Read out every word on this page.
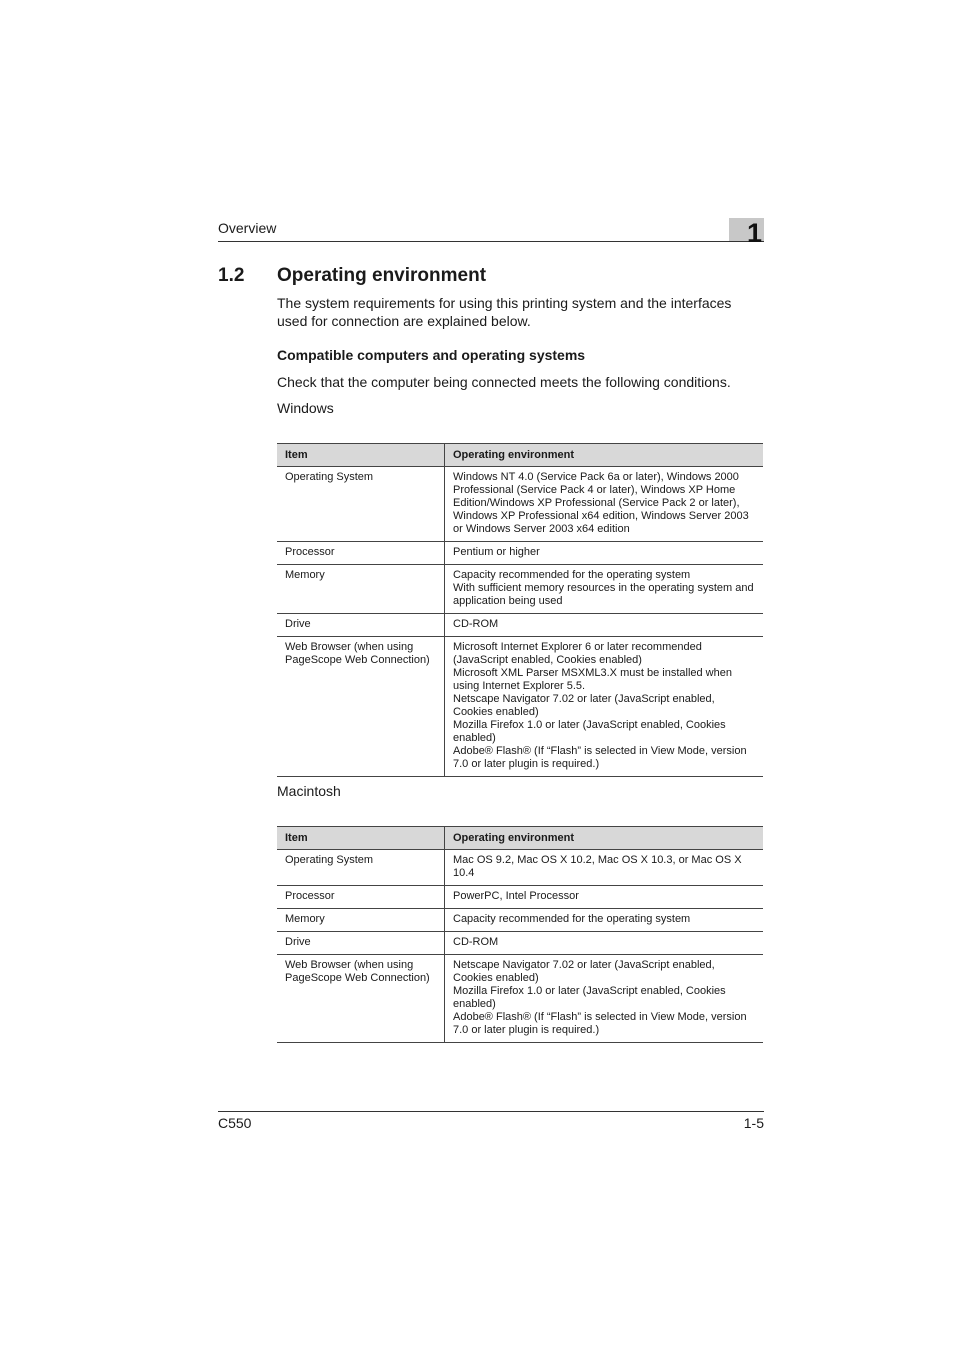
Overview	1
1.2 Operating environment
The system requirements for using this printing system and the interfaces used for connection are explained below.
Compatible computers and operating systems
Check that the computer being connected meets the following conditions.
Windows
Item	Operating environment
Operating System	Windows NT 4.0 (Service Pack 6a or later), Windows 2000 Professional (Service Pack 4 or later), Windows XP Home Edition/Windows XP Professional (Service Pack 2 or later), Windows XP Professional x64 edition, Windows Server 2003 or Windows Server 2003 x64 edition

Processor	Pentium or higher

Memory	Capacity recommended for the operating system
With sufficient memory resources in the operating system and application being used

Drive	CD-ROM

Web Browser (when using PageScope Web Connection)	Microsoft Internet Explorer 6 or later recommended (JavaScript enabled, Cookies enabled)
Microsoft XML Parser MSXML3.X must be installed when using Internet Explorer 5.5.
Netscape Navigator 7.02 or later (JavaScript enabled, Cookies enabled)
Mozilla Firefox 1.0 or later (JavaScript enabled, Cookies enabled)
Adobe® Flash® (If “Flash” is selected in View Mode, version 7.0 or later plugin is required.)
Macintosh
Item	Operating environment
Operating System	Mac OS 9.2, Mac OS X 10.2, Mac OS X 10.3, or Mac OS X 10.4

Processor	PowerPC, Intel Processor

Memory	Capacity recommended for the operating system

Drive	CD-ROM

Web Browser (when using PageScope Web Connection)	Netscape Navigator 7.02 or later (JavaScript enabled, Cookies enabled)
Mozilla Firefox 1.0 or later (JavaScript enabled, Cookies enabled)
Adobe® Flash® (If “Flash” is selected in View Mode, version 7.0 or later plugin is required.)
C550	1-5
